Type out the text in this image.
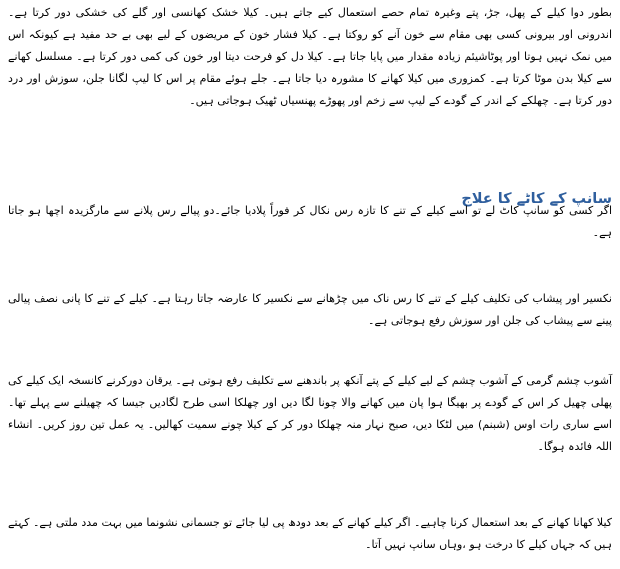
بطور دوا کیلے کے پھل، جڑ، پتے وغیرہ تمام حصے استعمال کیے جاتے ہیں۔ کیلا خشک کھانسی اور گلے کی خشکی دور کرتا ہے۔ اندرونی اور بیرونی کسی بھی مقام سے خون آنے کو روکتا ہے۔ کیلا فشار خون کے مریضوں کے لیے بھی بے حد مفید ہے کیونکہ اس میں نمک نہیں ہوتا اور پوٹاشیئم زیادہ مقدار میں پایا جاتا ہے۔ کیلا دل کو فرحت دیتا اور خون کی کمی دور کرتا ہے۔ مسلسل کھانے سے کیلا بدن موٹا کرتا ہے۔ کمزوری میں کیلا کھانے کا مشورہ دیا جاتا ہے۔ جلے ہوئے مقام پر اس کا لیپ لگانا جلن، سوزش اور درد دور کرتا ہے۔ چھلکے کے اندر کے گودے کے لیپ سے زخم اور پھوڑے پھنسیاں ٹھیک ہوجاتی ہیں۔

سانپ کے کاٹے کا علاج

اگر کسی کو سانپ کاٹ لے تو اسے کیلے کے تنے کا تازہ رس نکال کر فوراً پلادیا جائے۔دو پیالے رس پلانے سے مارگزیدہ اچھا ہو جاتا ہے۔

نکسیر اور پیشاب کی تکلیف کیلے کے تنے کا رس ناک میں چڑھانے سے نکسیر کا عارضہ جاتا رہتا ہے۔ کیلے کے تنے کا پانی نصف پیالی پینے سے پیشاب کی جلن اور سوزش رفع ہوجاتی ہے۔

آشوب چشم گرمی کے آشوب چشم کے لیے کیلے کے پتے آنکھ پر باندھنے سے تکلیف رفع ہوتی ہے۔ یرقان دورکرنے کانسخہ ایک کیلے کی پھلی چھیل کر اس کے گودے پر بھیگا ہوا پان میں کھانے والا چونا لگا دیں اور چھلکا اسی طرح لگادیں جیسا کہ چھیلنے سے پہلے تھا۔ اسے ساری رات اوس (شبنم) میں لٹکا دیں، صبح نہار منہ چھلکا دور کر کے کیلا چونے سمیت کھالیں۔ یہ عمل تین روز کریں۔ انشاء اللہ فائدہ ہوگا۔

کیلا کھانا کھانے کے بعد استعمال کرنا چاہیے۔ اگر کیلے کھانے کے بعد دودھ پی لیا جائے تو جسمانی نشونما میں بہت مدد ملتی ہے۔ کہتے ہیں کہ جہاں کیلے کا درخت ہو ،وہاں سانپ نہیں آتا۔
